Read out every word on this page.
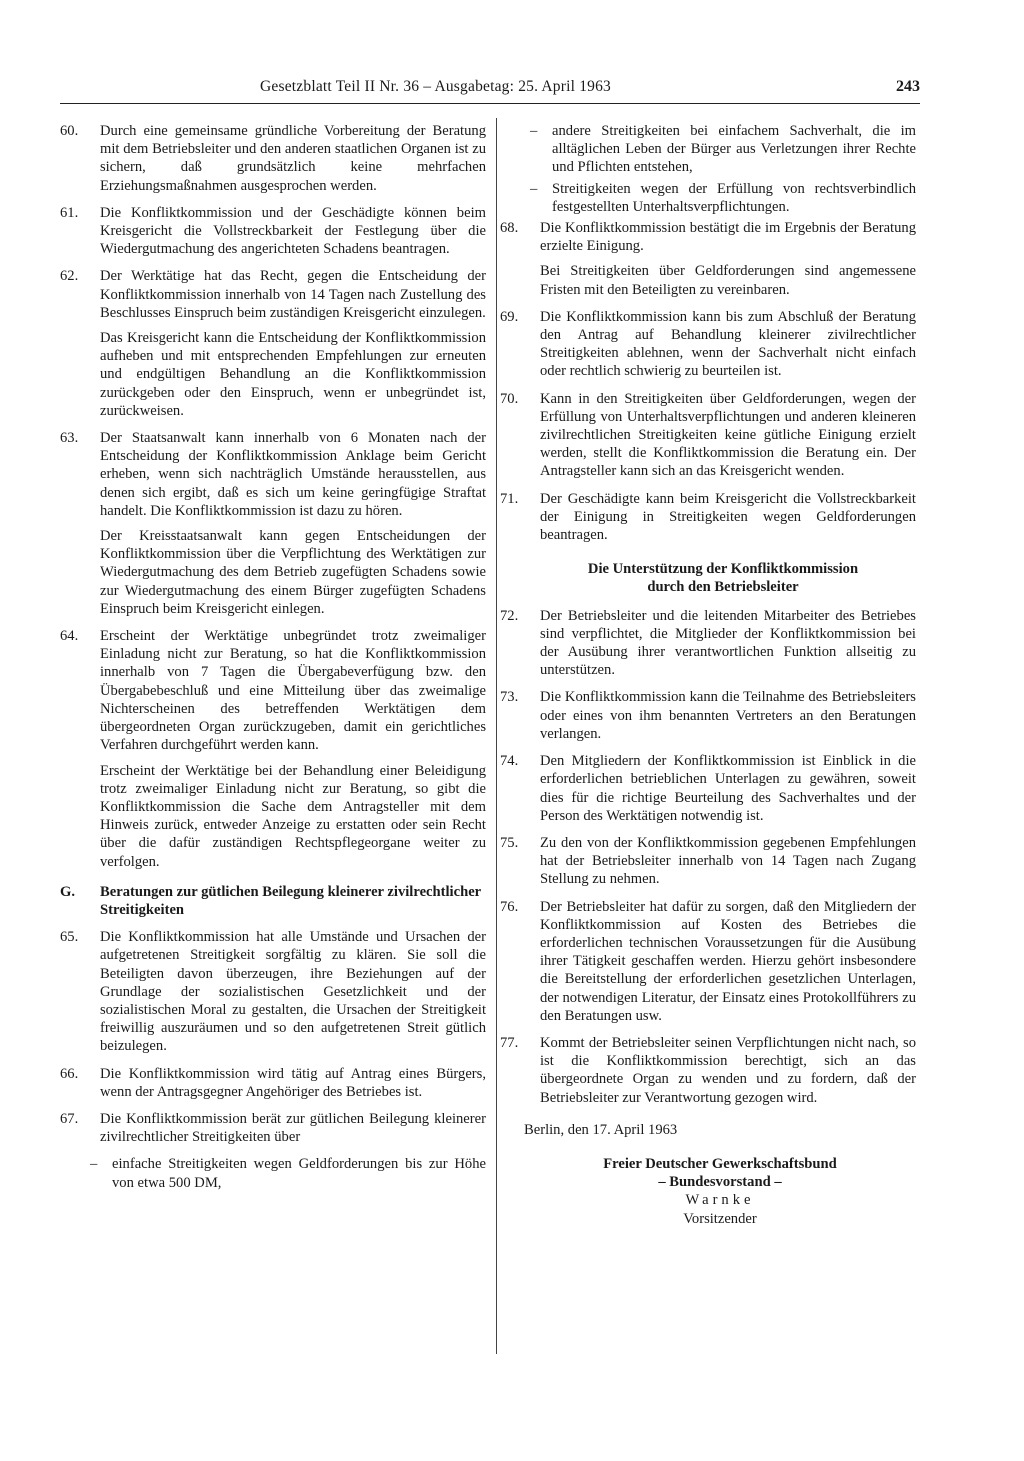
Gesetzblatt Teil II Nr. 36 – Ausgabetag: 25. April 1963	243
60. Durch eine gemeinsame gründliche Vorbereitung der Beratung mit dem Betriebsleiter und den anderen staatlichen Organen ist zu sichern, daß grundsätzlich keine mehrfachen Erziehungsmaßnahmen ausgesprochen werden.

61. Die Konfliktkommission und der Geschädigte können beim Kreisgericht die Vollstreckbarkeit der Festlegung über die Wiedergutmachung des angerichteten Schadens beantragen.

62. Der Werktätige hat das Recht, gegen die Entscheidung der Konfliktkommission innerhalb von 14 Tagen nach Zustellung des Beschlusses Einspruch beim zuständigen Kreisgericht einzulegen.

Das Kreisgericht kann die Entscheidung der Konfliktkommission aufheben und mit entsprechenden Empfehlungen zur erneuten und endgültigen Behandlung an die Konfliktkommission zurückgeben oder den Einspruch, wenn er unbegründet ist, zurückweisen.

63. Der Staatsanwalt kann innerhalb von 6 Monaten nach der Entscheidung der Konfliktkommission Anklage beim Gericht erheben, wenn sich nachträglich Umstände herausstellen, aus denen sich ergibt, daß es sich um keine geringfügige Straftat handelt. Die Konfliktkommission ist dazu zu hören.

Der Kreisstaatsanwalt kann gegen Entscheidungen der Konfliktkommission über die Verpflichtung des Werktätigen zur Wiedergutmachung des dem Betrieb zugefügten Schadens sowie zur Wiedergutmachung des einem Bürger zugefügten Schadens Einspruch beim Kreisgericht einlegen.

64. Erscheint der Werktätige unbegründet trotz zweimaliger Einladung nicht zur Beratung, so hat die Konfliktkommission innerhalb von 7 Tagen die Übergabeverfügung bzw. den Übergabebeschluß und eine Mitteilung über das zweimalige Nichterscheinen des betreffenden Werktätigen dem übergeordneten Organ zurückzugeben, damit ein gerichtliches Verfahren durchgeführt werden kann.

Erscheint der Werktätige bei der Behandlung einer Beleidigung trotz zweimaliger Einladung nicht zur Beratung, so gibt die Konfliktkommission die Sache dem Antragsteller mit dem Hinweis zurück, entweder Anzeige zu erstatten oder sein Recht über die dafür zuständigen Rechtspflegeorgane weiter zu verfolgen.

G. Beratungen zur gütlichen Beilegung kleinerer zivilrechtlicher Streitigkeiten
65. Die Konfliktkommission hat alle Umstände und Ursachen der aufgetretenen Streitigkeit sorgfältig zu klären. Sie soll die Beteiligten davon überzeugen, ihre Beziehungen auf der Grundlage der sozialistischen Gesetzlichkeit und der sozialistischen Moral zu gestalten, die Ursachen der Streitigkeit freiwillig auszuräumen und so den aufgetretenen Streit gütlich beizulegen.

66. Die Konfliktkommission wird tätig auf Antrag eines Bürgers, wenn der Antragsgegner Angehöriger des Betriebes ist.

67. Die Konfliktkommission berät zur gütlichen Beilegung kleinerer zivilrechtlicher Streitigkeiten über

– einfache Streitigkeiten wegen Geldforderungen bis zur Höhe von etwa 500 DM,
– andere Streitigkeiten bei einfachem Sachverhalt, die im alltäglichen Leben der Bürger aus Verletzungen ihrer Rechte und Pflichten entstehen,
– Streitigkeiten wegen der Erfüllung von rechtsverbindlich festgestellten Unterhaltsverpflichtungen.
68. Die Konfliktkommission bestätigt die im Ergebnis der Beratung erzielte Einigung.

Bei Streitigkeiten über Geldforderungen sind angemessene Fristen mit den Beteiligten zu vereinbaren.

69. Die Konfliktkommission kann bis zum Abschluß der Beratung den Antrag auf Behandlung kleinerer zivilrechtlicher Streitigkeiten ablehnen, wenn der Sachverhalt nicht einfach oder rechtlich schwierig zu beurteilen ist.

70. Kann in den Streitigkeiten über Geldforderungen, wegen der Erfüllung von Unterhaltsverpflichtungen und anderen kleineren zivilrechtlichen Streitigkeiten keine gütliche Einigung erzielt werden, stellt die Konfliktkommission die Beratung ein. Der Antragsteller kann sich an das Kreisgericht wenden.

71. Der Geschädigte kann beim Kreisgericht die Vollstreckbarkeit der Einigung in Streitigkeiten wegen Geldforderungen beantragen.

Die Unterstützung der Konfliktkommission
durch den Betriebsleiter
72. Der Betriebsleiter und die leitenden Mitarbeiter des Betriebes sind verpflichtet, die Mitglieder der Konfliktkommission bei der Ausübung ihrer verantwortlichen Funktion allseitig zu unterstützen.

73. Die Konfliktkommission kann die Teilnahme des Betriebsleiters oder eines von ihm benannten Vertreters an den Beratungen verlangen.

74. Den Mitgliedern der Konfliktkommission ist Einblick in die erforderlichen betrieblichen Unterlagen zu gewähren, soweit dies für die richtige Beurteilung des Sachverhaltes und der Person des Werktätigen notwendig ist.

75. Zu den von der Konfliktkommission gegebenen Empfehlungen hat der Betriebsleiter innerhalb von 14 Tagen nach Zugang Stellung zu nehmen.

76. Der Betriebsleiter hat dafür zu sorgen, daß den Mitgliedern der Konfliktkommission auf Kosten des Betriebes die erforderlichen technischen Voraussetzungen für die Ausübung ihrer Tätigkeit geschaffen werden. Hierzu gehört insbesondere die Bereitstellung der erforderlichen gesetzlichen Unterlagen, der notwendigen Literatur, der Einsatz eines Protokollführers zu den Beratungen usw.

77. Kommt der Betriebsleiter seinen Verpflichtungen nicht nach, so ist die Konfliktkommission berechtigt, sich an das übergeordnete Organ zu wenden und zu fordern, daß der Betriebsleiter zur Verantwortung gezogen wird.

Berlin, den 17. April 1963
Freier Deutscher Gewerkschaftsbund
– Bundesvorstand –
Warnke
Vorsitzender
